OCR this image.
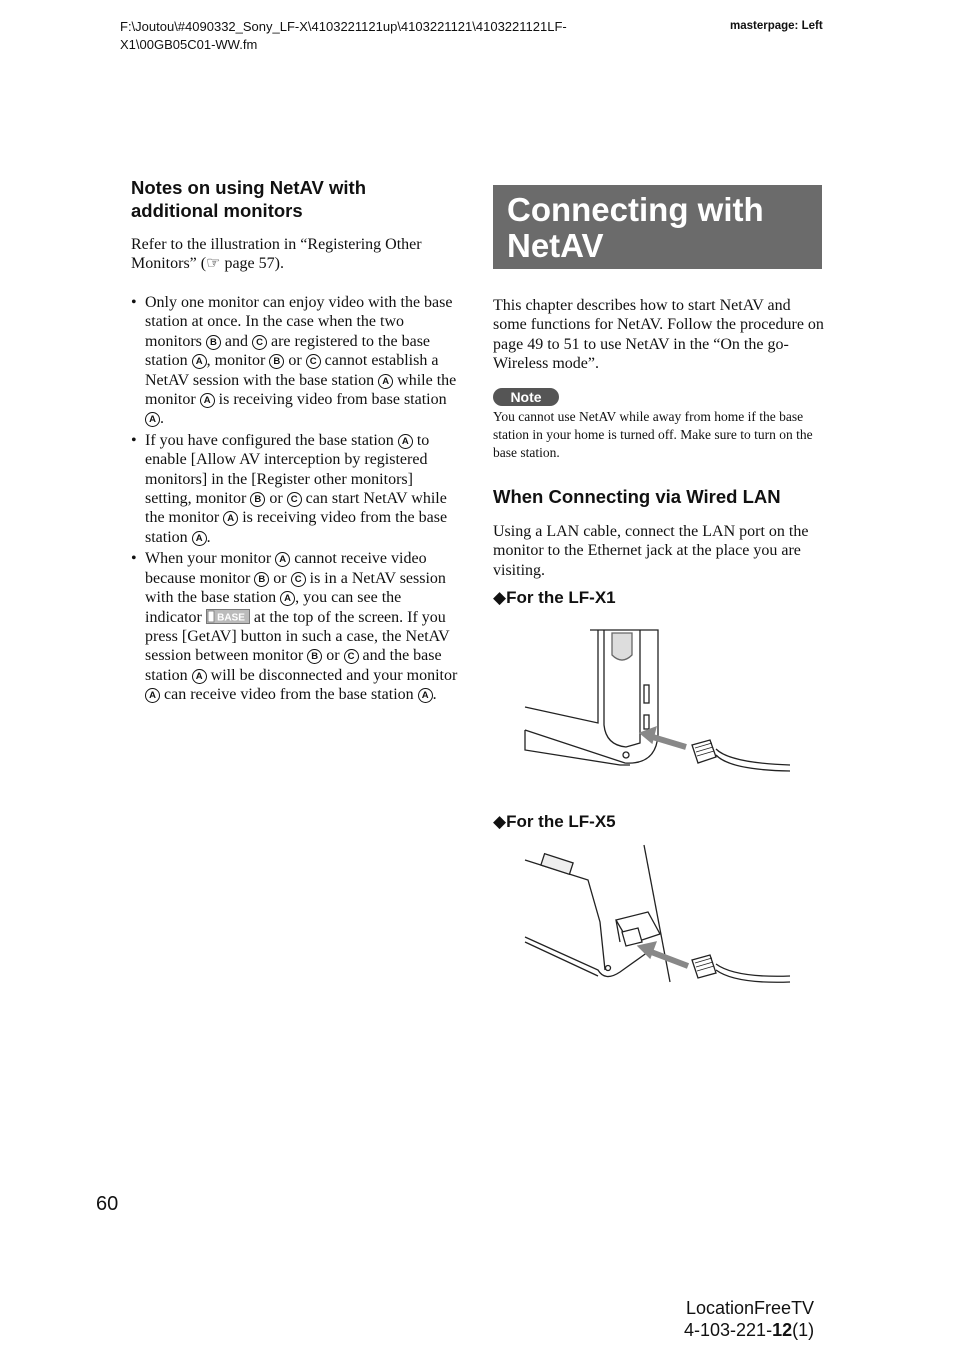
F:\Joutou\#4090332_Sony_LF-X\4103221121up\4103221121\4103221121LF-X1\00GB05C01-WW.fm
masterpage: Left
Notes on using NetAV with additional monitors
Refer to the illustration in “Registering Other Monitors” (☞ page 57).
• Only one monitor can enjoy video with the base station at once. In the case when the two monitors B and C are registered to the base station A , monitor B or C cannot establish a NetAV session with the base station A while the monitor A is receiving video from base station A .
• If you have configured the base station A to enable [Allow AV interception by registered monitors] in the [Register other monitors] setting, monitor B or C can start NetAV while the monitor A is receiving video from the base station A .
• When your monitor A cannot receive video because monitor B or C is in a NetAV session with the base station A , you can see the indicator BASE at the top of the screen. If you press [GetAV] button in such a case, the NetAV session between monitor B or C and the base station A will be disconnected and your monitor A can receive video from the base station A .
Connecting with
NetAV
This chapter describes how to start NetAV and some functions for NetAV. Follow the procedure on page 49 to 51 to use NetAV in the “On the go-Wireless mode”.
Note
You cannot use NetAV while away from home if the base station in your home is turned off. Make sure to turn on the base station.
When Connecting via Wired LAN
Using a LAN cable, connect the LAN port on the monitor to the Ethernet jack at the place you are visiting.
◆For the LF-X1
◆For the LF-X5
60
LocationFreeTV
4-103-221-12(1)
